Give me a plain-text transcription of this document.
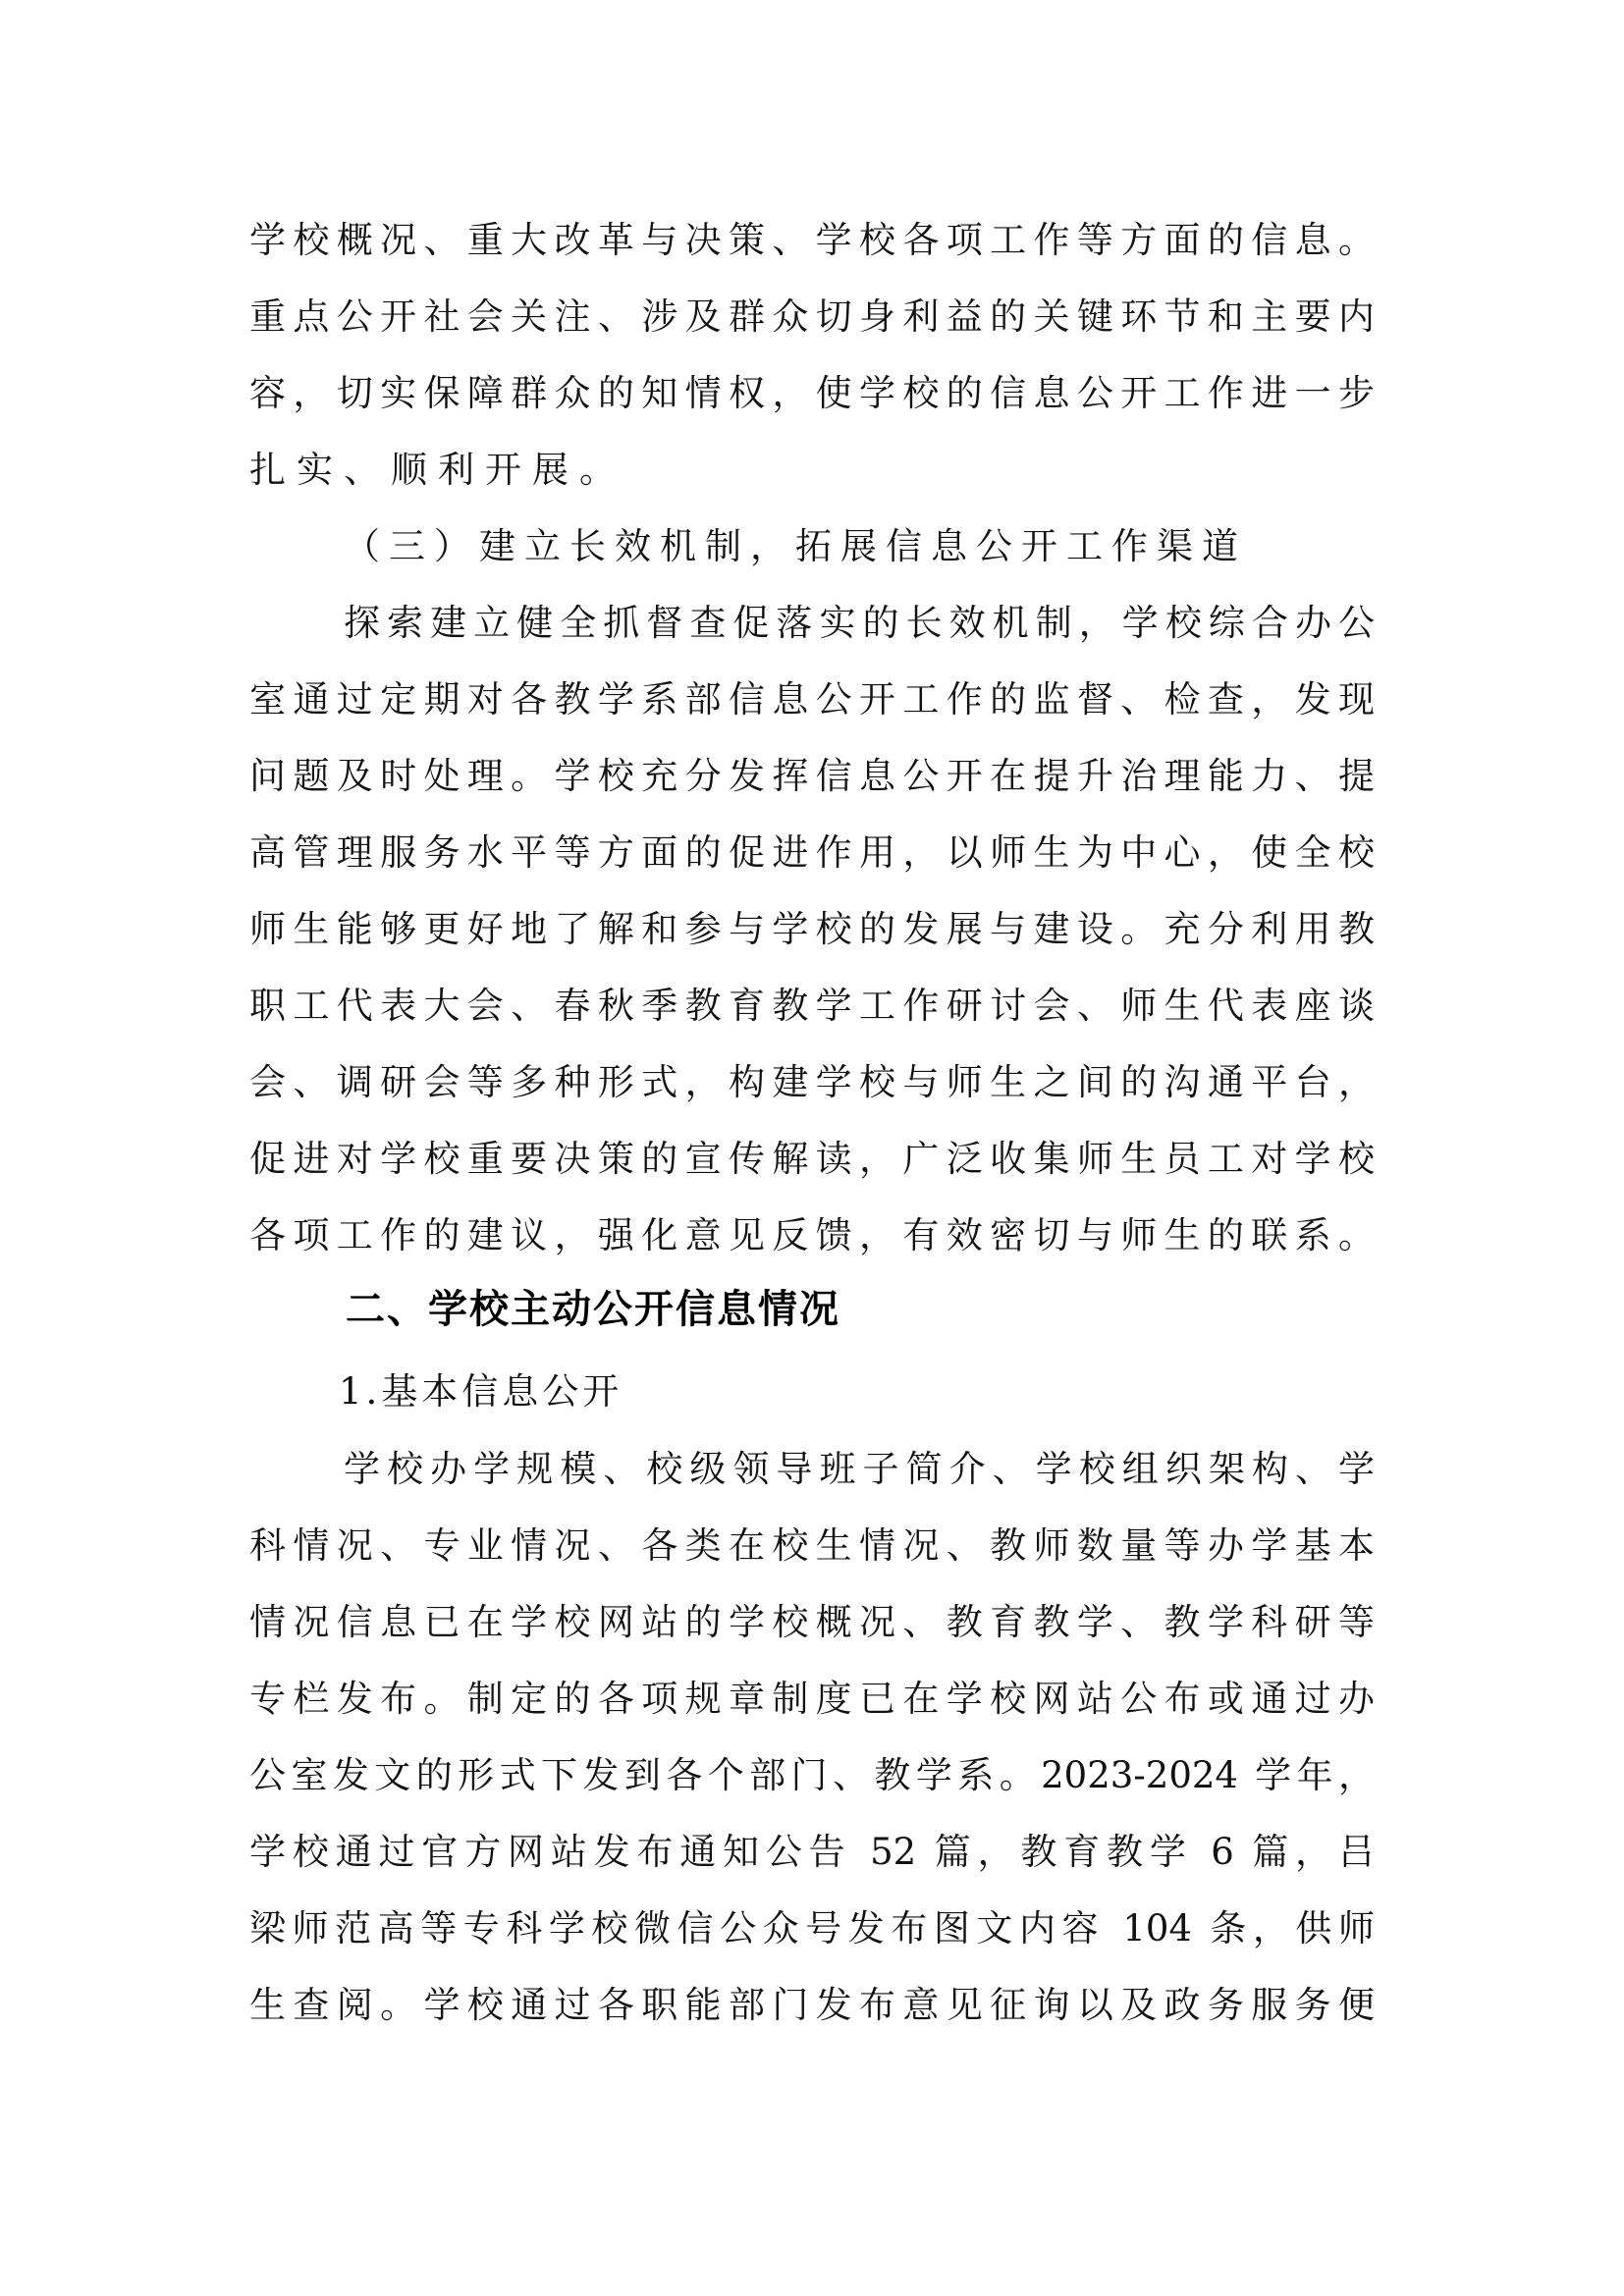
学校概况、重大改革与决策、学校各项工作等方面的信息。
重点公开社会关注、涉及群众切身利益的关键环节和主要内
容，切实保障群众的知情权，使学校的信息公开工作进一步
扎实、顺利开展。
（三）建立长效机制，拓展信息公开工作渠道
探索建立健全抓督查促落实的长效机制，学校综合办公
室通过定期对各教学系部信息公开工作的监督、检查，发现
问题及时处理。学校充分发挥信息公开在提升治理能力、提
高管理服务水平等方面的促进作用，以师生为中心，使全校
师生能够更好地了解和参与学校的发展与建设。充分利用教
职工代表大会、春秋季教育教学工作研讨会、师生代表座谈
会、调研会等多种形式，构建学校与师生之间的沟通平台，
促进对学校重要决策的宣传解读，广泛收集师生员工对学校
各项工作的建议，强化意见反馈，有效密切与师生的联系。
二、学校主动公开信息情况
1.基本信息公开
学校办学规模、校级领导班子简介、学校组织架构、学
科情况、专业情况、各类在校生情况、教师数量等办学基本
情况信息已在学校网站的学校概况、教育教学、教学科研等
专栏发布。制定的各项规章制度已在学校网站公布或通过办
公室发文的形式下发到各个部门、教学系。2023-2024 学年，
学校通过官方网站发布通知公告 52 篇，教育教学 6 篇，吕
梁师范高等专科学校微信公众号发布图文内容 104 条，供师
生查阅。学校通过各职能部门发布意见征询以及政务服务便
